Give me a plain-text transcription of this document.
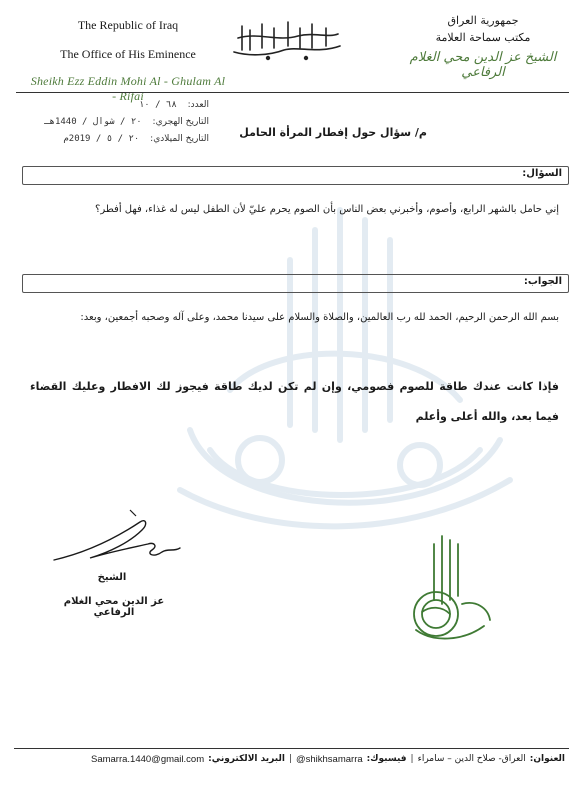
The Republic of Iraq
The Office of His Eminence
Sheikh Ezz Eddin Mohi Al - Ghulam Al - Rifai
جمهورية العراق
مكتب سماحة العلامة
الشيخ عز الدين محي الغلام الرفاعي
العدد: ٦٨ / ١٠
التاريخ الهجري: ٢٠ / شوال / 1440هـ
التاريخ الميلادي: ٢٠ / ٥ / 2019م	م/ سؤال حول إفطار المرأة الحامل
السؤال:

إني حامل بالشهر الرابع، وأصوم، وأخبرني بعض الناس بأن الصوم يحرم عليّ لأن الطفل ليس له غذاء، فهل أفطر؟

الجواب:

بسم الله الرحمن الرحيم، الحمد لله رب العالمين، والصلاة والسلام على سيدنا محمد، وعلى آله وصحبه أجمعين، وبعد:

فإذا كانت عندك طاقة للصوم فصومي، وإن لم تكن لديك طاقة فيجوز لك الافطار وعليك القضاء فيما بعد، والله أعلى وأعلم

الشيخ
عز الدين محي الغلام الرفاعي
العنوان:
العراق- صلاح الدين – سامراء
|
فيسبوك:
@shikhsamarra
|
البريد الالكتروني:
Samarra.1440@gmail.com
